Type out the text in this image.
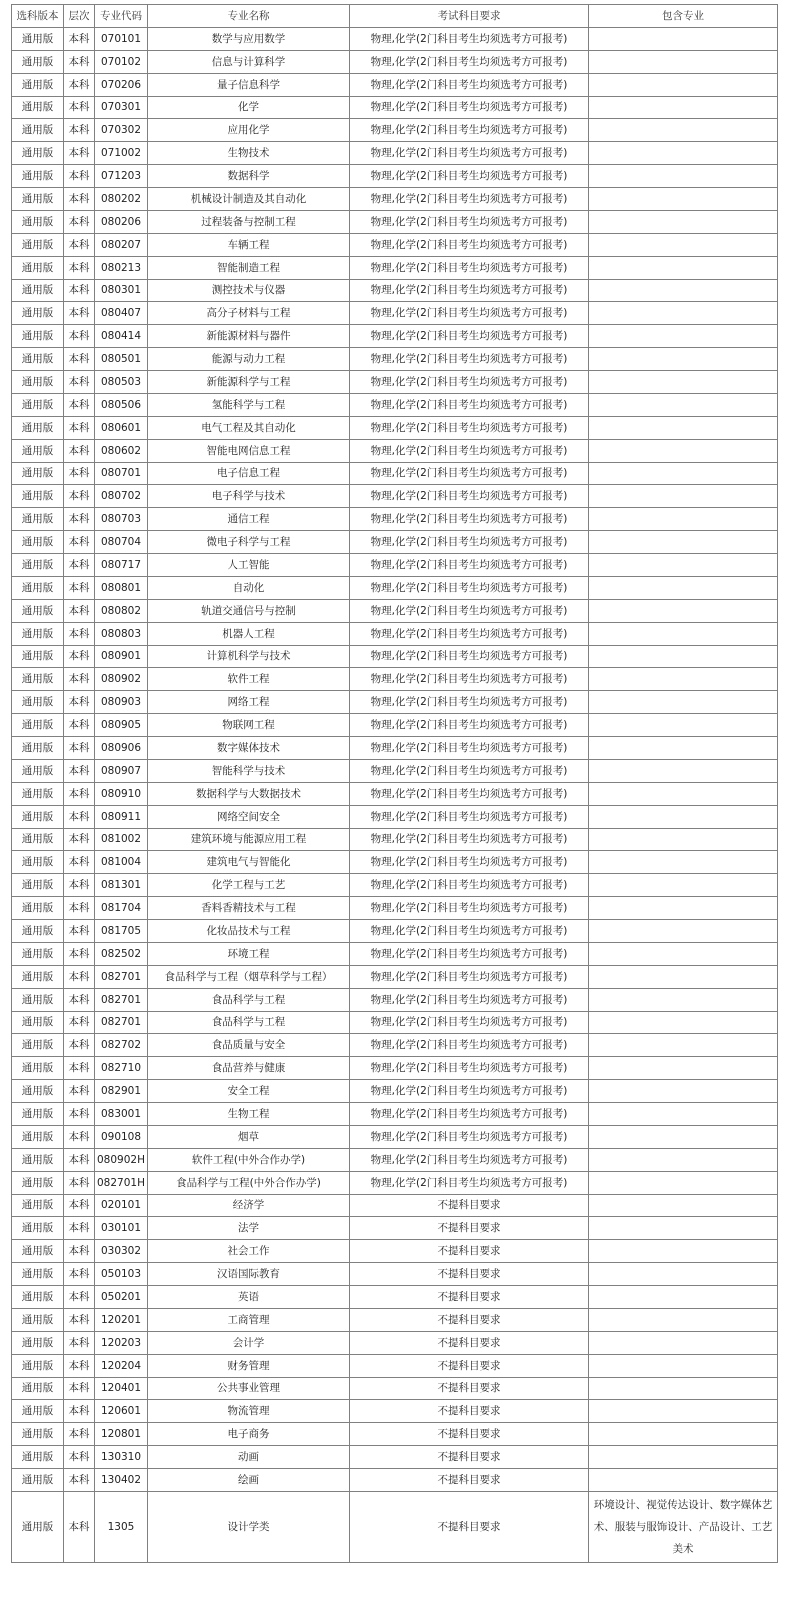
选科版本	层次	专业代码	专业名称	考试科目要求	包含专业
通用版	本科	070101	数学与应用数学	物理,化学(2门科目考生均须选考方可报考)	
通用版	本科	070102	信息与计算科学	物理,化学(2门科目考生均须选考方可报考)	
通用版	本科	070206	量子信息科学	物理,化学(2门科目考生均须选考方可报考)	
通用版	本科	070301	化学	物理,化学(2门科目考生均须选考方可报考)	
通用版	本科	070302	应用化学	物理,化学(2门科目考生均须选考方可报考)	
通用版	本科	071002	生物技术	物理,化学(2门科目考生均须选考方可报考)	
通用版	本科	071203	数据科学	物理,化学(2门科目考生均须选考方可报考)	
通用版	本科	080202	机械设计制造及其自动化	物理,化学(2门科目考生均须选考方可报考)	
通用版	本科	080206	过程装备与控制工程	物理,化学(2门科目考生均须选考方可报考)	
通用版	本科	080207	车辆工程	物理,化学(2门科目考生均须选考方可报考)	
通用版	本科	080213	智能制造工程	物理,化学(2门科目考生均须选考方可报考)	
通用版	本科	080301	测控技术与仪器	物理,化学(2门科目考生均须选考方可报考)	
通用版	本科	080407	高分子材料与工程	物理,化学(2门科目考生均须选考方可报考)	
通用版	本科	080414	新能源材料与器件	物理,化学(2门科目考生均须选考方可报考)	
通用版	本科	080501	能源与动力工程	物理,化学(2门科目考生均须选考方可报考)	
通用版	本科	080503	新能源科学与工程	物理,化学(2门科目考生均须选考方可报考)	
通用版	本科	080506	氢能科学与工程	物理,化学(2门科目考生均须选考方可报考)	
通用版	本科	080601	电气工程及其自动化	物理,化学(2门科目考生均须选考方可报考)	
通用版	本科	080602	智能电网信息工程	物理,化学(2门科目考生均须选考方可报考)	
通用版	本科	080701	电子信息工程	物理,化学(2门科目考生均须选考方可报考)	
通用版	本科	080702	电子科学与技术	物理,化学(2门科目考生均须选考方可报考)	
通用版	本科	080703	通信工程	物理,化学(2门科目考生均须选考方可报考)	
通用版	本科	080704	微电子科学与工程	物理,化学(2门科目考生均须选考方可报考)	
通用版	本科	080717	人工智能	物理,化学(2门科目考生均须选考方可报考)	
通用版	本科	080801	自动化	物理,化学(2门科目考生均须选考方可报考)	
通用版	本科	080802	轨道交通信号与控制	物理,化学(2门科目考生均须选考方可报考)	
通用版	本科	080803	机器人工程	物理,化学(2门科目考生均须选考方可报考)	
通用版	本科	080901	计算机科学与技术	物理,化学(2门科目考生均须选考方可报考)	
通用版	本科	080902	软件工程	物理,化学(2门科目考生均须选考方可报考)	
通用版	本科	080903	网络工程	物理,化学(2门科目考生均须选考方可报考)	
通用版	本科	080905	物联网工程	物理,化学(2门科目考生均须选考方可报考)	
通用版	本科	080906	数字媒体技术	物理,化学(2门科目考生均须选考方可报考)	
通用版	本科	080907	智能科学与技术	物理,化学(2门科目考生均须选考方可报考)	
通用版	本科	080910	数据科学与大数据技术	物理,化学(2门科目考生均须选考方可报考)	
通用版	本科	080911	网络空间安全	物理,化学(2门科目考生均须选考方可报考)	
通用版	本科	081002	建筑环境与能源应用工程	物理,化学(2门科目考生均须选考方可报考)	
通用版	本科	081004	建筑电气与智能化	物理,化学(2门科目考生均须选考方可报考)	
通用版	本科	081301	化学工程与工艺	物理,化学(2门科目考生均须选考方可报考)	
通用版	本科	081704	香料香精技术与工程	物理,化学(2门科目考生均须选考方可报考)	
通用版	本科	081705	化妆品技术与工程	物理,化学(2门科目考生均须选考方可报考)	
通用版	本科	082502	环境工程	物理,化学(2门科目考生均须选考方可报考)	
通用版	本科	082701	食品科学与工程（烟草科学与工程）	物理,化学(2门科目考生均须选考方可报考)	
通用版	本科	082701	食品科学与工程	物理,化学(2门科目考生均须选考方可报考)	
通用版	本科	082701	食品科学与工程	物理,化学(2门科目考生均须选考方可报考)	
通用版	本科	082702	食品质量与安全	物理,化学(2门科目考生均须选考方可报考)	
通用版	本科	082710	食品营养与健康	物理,化学(2门科目考生均须选考方可报考)	
通用版	本科	082901	安全工程	物理,化学(2门科目考生均须选考方可报考)	
通用版	本科	083001	生物工程	物理,化学(2门科目考生均须选考方可报考)	
通用版	本科	090108	烟草	物理,化学(2门科目考生均须选考方可报考)	
通用版	本科	080902H	软件工程(中外合作办学)	物理,化学(2门科目考生均须选考方可报考)	
通用版	本科	082701H	食品科学与工程(中外合作办学)	物理,化学(2门科目考生均须选考方可报考)	
通用版	本科	020101	经济学	不提科目要求	
通用版	本科	030101	法学	不提科目要求	
通用版	本科	030302	社会工作	不提科目要求	
通用版	本科	050103	汉语国际教育	不提科目要求	
通用版	本科	050201	英语	不提科目要求	
通用版	本科	120201	工商管理	不提科目要求	
通用版	本科	120203	会计学	不提科目要求	
通用版	本科	120204	财务管理	不提科目要求	
通用版	本科	120401	公共事业管理	不提科目要求	
通用版	本科	120601	物流管理	不提科目要求	
通用版	本科	120801	电子商务	不提科目要求	
通用版	本科	130310	动画	不提科目要求	
通用版	本科	130402	绘画	不提科目要求	
通用版	本科	1305	设计学类	不提科目要求	环境设计、视觉传达设计、数字媒体艺术、服装与服饰设计、产品设计、工艺美术
